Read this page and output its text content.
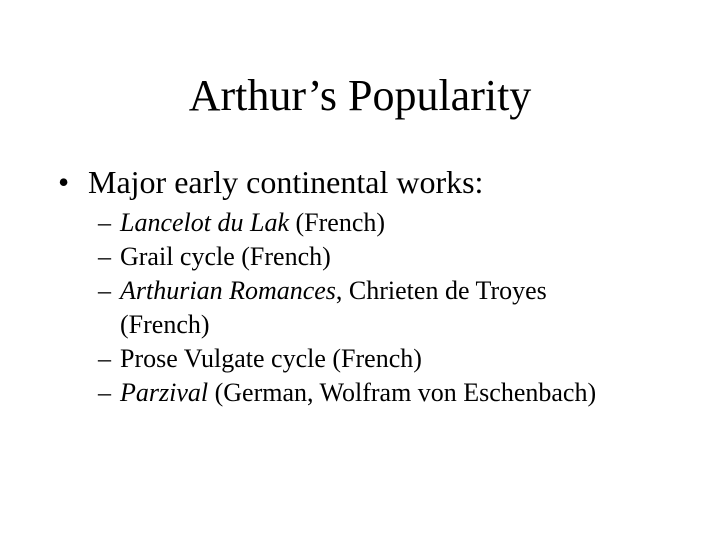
Arthur’s Popularity
• Major early continental works:
– Lancelot du Lak (French)
– Grail cycle (French)
– Arthurian Romances, Chrieten de Troyes
(French)
– Prose Vulgate cycle (French)
– Parzival (German, Wolfram von Eschenbach)
